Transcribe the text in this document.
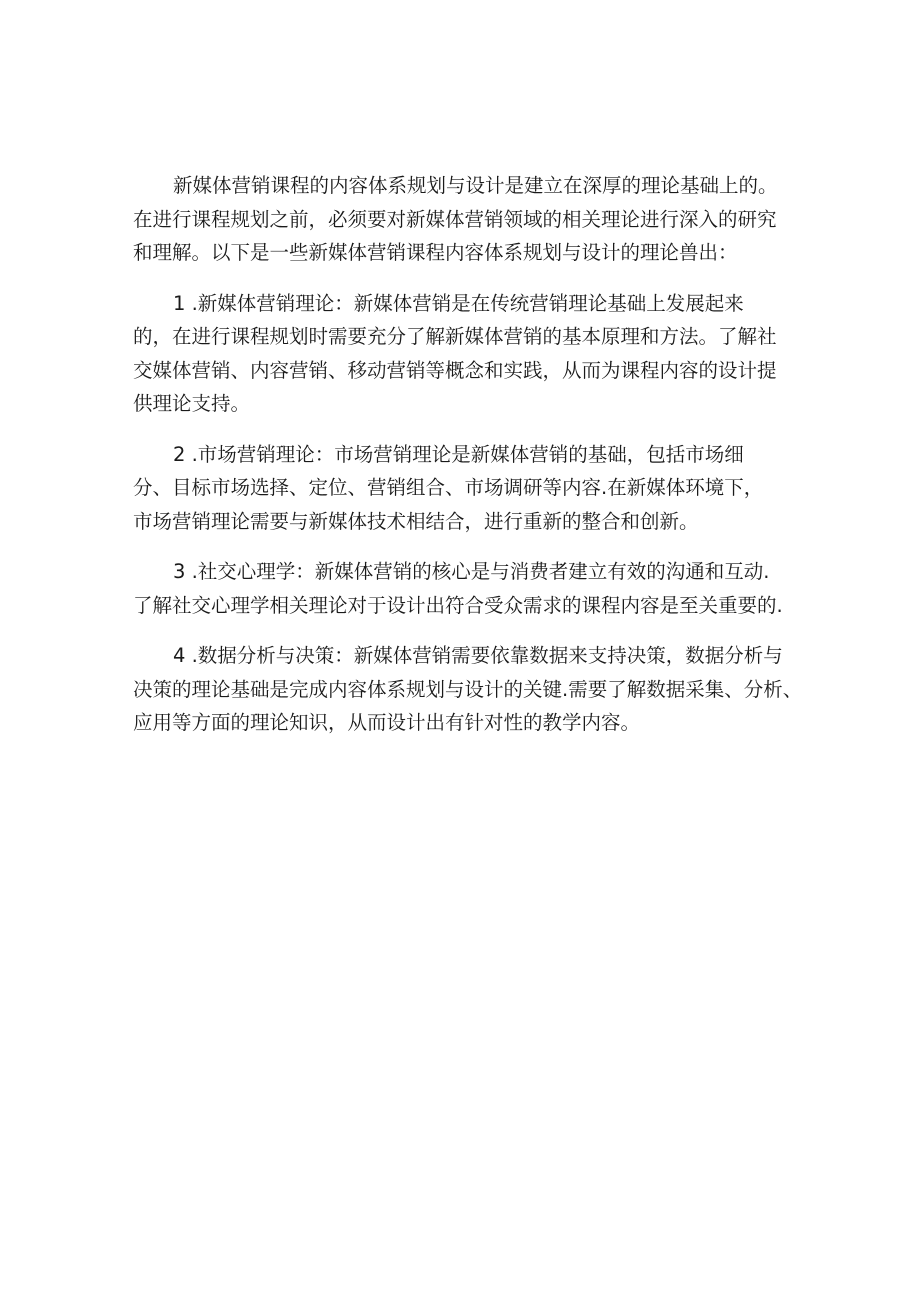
新媒体营销课程的内容体系规划与设计是建立在深厚的理论基础上的。
在进行课程规划之前，必须要对新媒体营销领域的相关理论进行深入的研究
和理解。以下是一些新媒体营销课程内容体系规划与设计的理论兽出：

1 .新媒体营销理论：新媒体营销是在传统营销理论基础上发展起来
的，在进行课程规划时需要充分了解新媒体营销的基本原理和方法。了解社
交媒体营销、内容营销、移动营销等概念和实践，从而为课程内容的设计提
供理论支持。

2 .市场营销理论：市场营销理论是新媒体营销的基础，包括市场细
分、目标市场选择、定位、营销组合、市场调研等内容.在新媒体环境下，
市场营销理论需要与新媒体技术相结合，进行重新的整合和创新。

3 .社交心理学：新媒体营销的核心是与消费者建立有效的沟通和互动.
了解社交心理学相关理论对于设计出符合受众需求的课程内容是至关重要的.

4 .数据分析与决策：新媒体营销需要依靠数据来支持决策，数据分析与
决策的理论基础是完成内容体系规划与设计的关键.需要了解数据采集、分析、
应用等方面的理论知识，从而设计出有针对性的教学内容。
